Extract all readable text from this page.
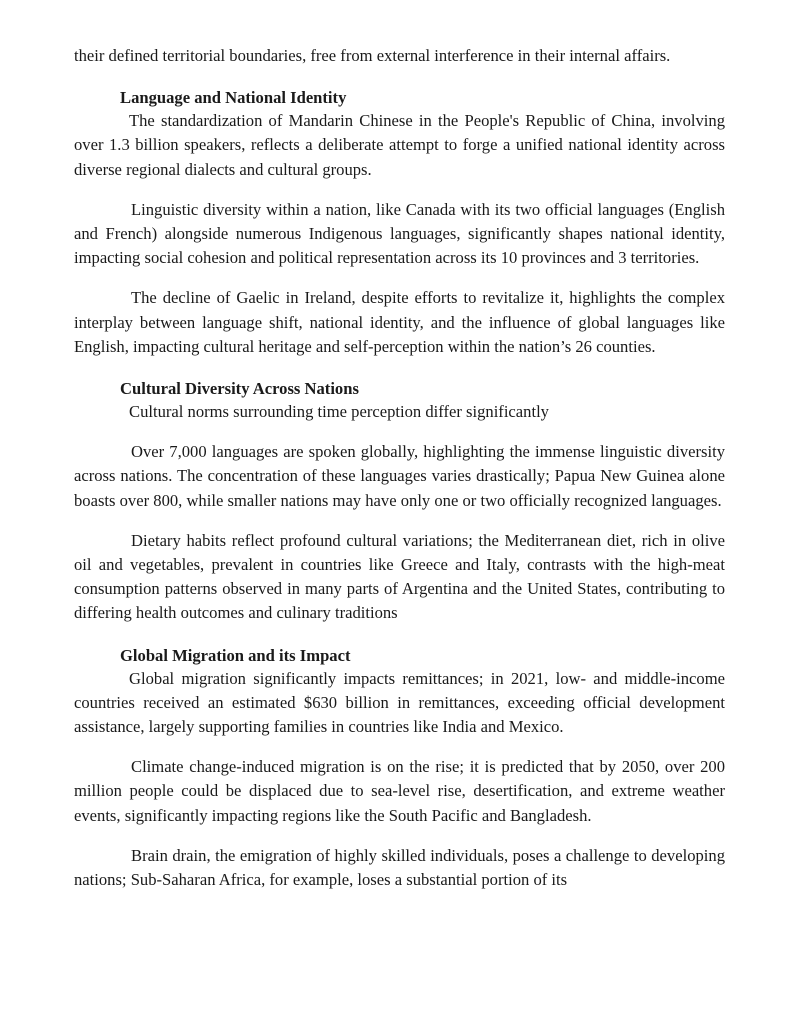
their defined territorial boundaries, free from external interference in their internal affairs.

Language and National Identity

The standardization of Mandarin Chinese in the People's Republic of China, involving over 1.3 billion speakers, reflects a deliberate attempt to forge a unified national identity across diverse regional dialects and cultural groups.

Linguistic diversity within a nation, like Canada with its two official languages (English and French) alongside numerous Indigenous languages, significantly shapes national identity, impacting social cohesion and political representation across its 10 provinces and 3 territories.

The decline of Gaelic in Ireland, despite efforts to revitalize it, highlights the complex interplay between language shift, national identity, and the influence of global languages like English, impacting cultural heritage and self-perception within the nation’s 26 counties.

Cultural Diversity Across Nations

Cultural norms surrounding time perception differ significantly

Over 7,000 languages are spoken globally, highlighting the immense linguistic diversity across nations. The concentration of these languages varies drastically; Papua New Guinea alone boasts over 800, while smaller nations may have only one or two officially recognized languages.

Dietary habits reflect profound cultural variations; the Mediterranean diet, rich in olive oil and vegetables, prevalent in countries like Greece and Italy, contrasts with the high-meat consumption patterns observed in many parts of Argentina and the United States, contributing to differing health outcomes and culinary traditions

Global Migration and its Impact

Global migration significantly impacts remittances; in 2021, low- and middle-income countries received an estimated $630 billion in remittances, exceeding official development assistance, largely supporting families in countries like India and Mexico.

Climate change-induced migration is on the rise; it is predicted that by 2050, over 200 million people could be displaced due to sea-level rise, desertification, and extreme weather events, significantly impacting regions like the South Pacific and Bangladesh.

Brain drain, the emigration of highly skilled individuals, poses a challenge to developing nations; Sub-Saharan Africa, for example, loses a substantial portion of its
